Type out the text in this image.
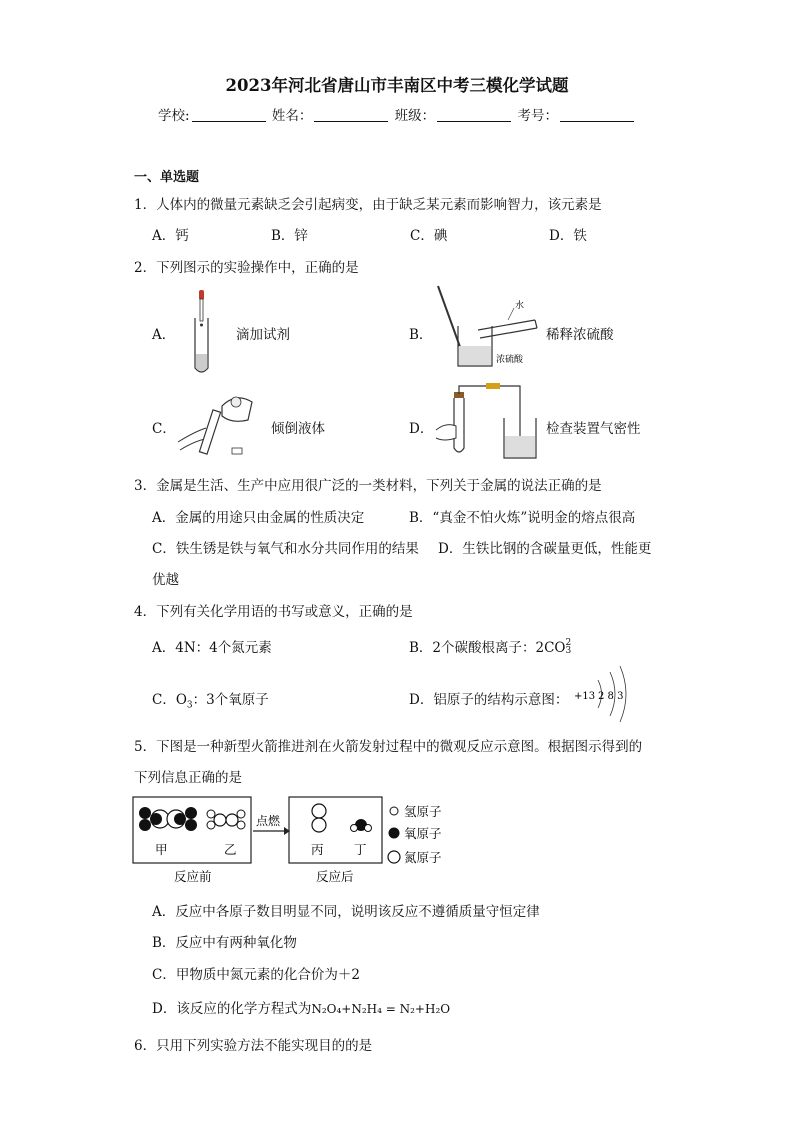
2023年河北省唐山市丰南区中考三模化学试题
学校:	姓名：	班级：	考号：
一、单选题
1．人体内的微量元素缺乏会引起病变，由于缺乏某元素而影响智力，该元素是
A．钙	B．锌	C．碘	D．铁
2．下列图示的实验操作中，正确的是
A．	滴加试剂	B．
水
浓硫酸
稀释浓硫酸
C．	倾倒液体	D．	检查装置气密性
3．金属是生活、生产中应用很广泛的一类材料，下列关于金属的说法正确的是
A．金属的用途只由金属的性质决定	B．“真金不怕火炼”说明金的熔点很高
C．铁生锈是铁与氧气和水分共同作用的结果 D．生铁比钢的含碳量更低，性能更
优越
4．下列有关化学用语的书写或意义，正确的是
A．4N：4个氮元素	B．2个碳酸根离子：2CO 2
3
C．$O_3$：3个氧原子	D．铝原子的结构示意图： +13 2 8 3
5．下图是一种新型火箭推进剂在火箭发射过程中的微观反应示意图。根据图示得到的
下列信息正确的是
甲	乙
点燃
丙 丁
氢原子
氧原子
氮原子
反应前	反应后
A．反应中各原子数目明显不同，说明该反应不遵循质量守恒定律
B．反应中有两种氧化物
C．甲物质中氮元素的化合价为＋2
D．该反应的化学方程式为N₂O₄+N₂H₄ = N₂+H₂O
6．只用下列实验方法不能实现目的的是
